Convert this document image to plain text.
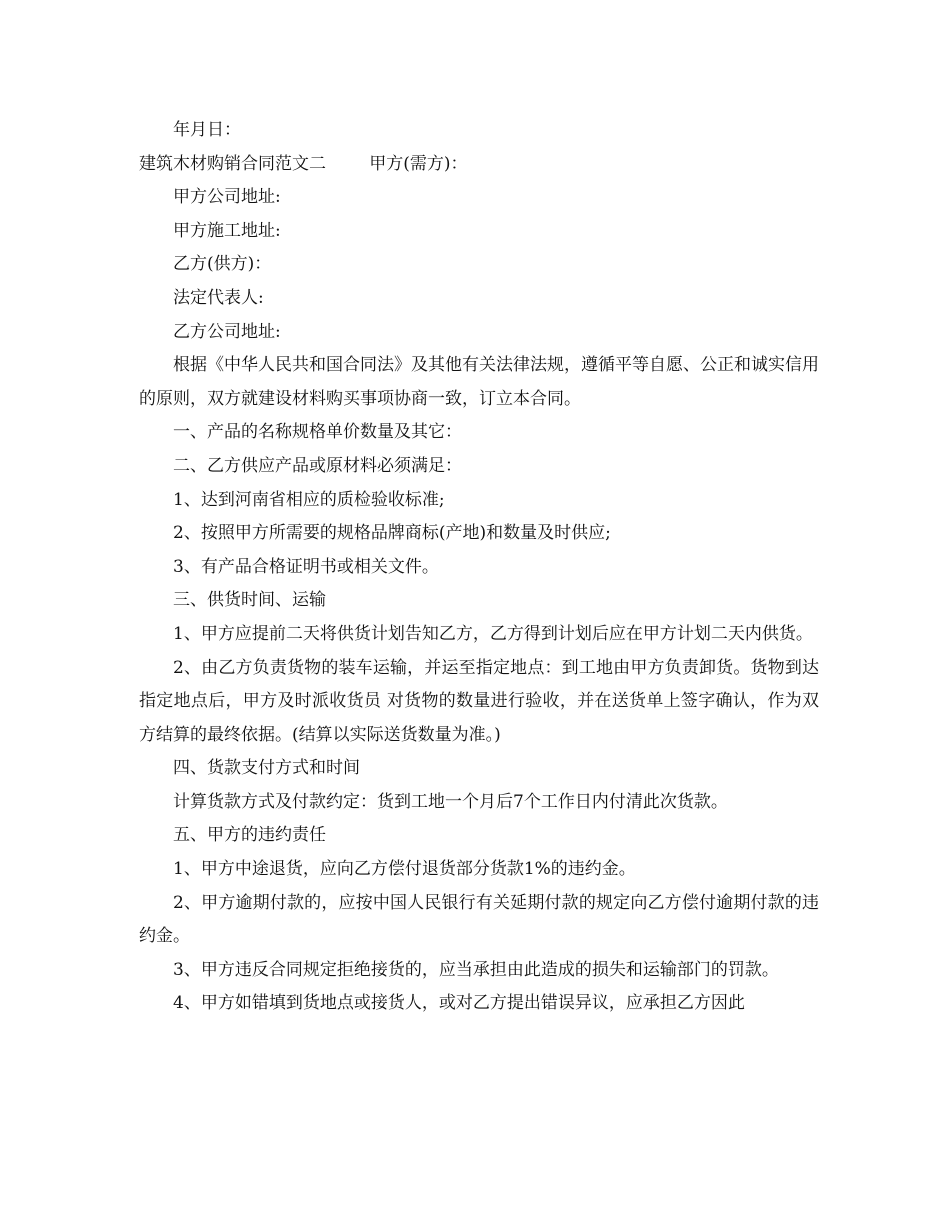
年月日：

建筑木材购销合同范文二        甲方(需方)：

甲方公司地址:

甲方施工地址:

乙方(供方)：

法定代表人:

乙方公司地址:

根据《中华人民共和国合同法》及其他有关法律法规，遵循平等自愿、公正和诚实信用的原则，双方就建设材料购买事项协商一致，订立本合同。

一、产品的名称规格单价数量及其它：

二、乙方供应产品或原材料必须满足：

1、达到河南省相应的质检验收标准;

2、按照甲方所需要的规格品牌商标(产地)和数量及时供应;

3、有产品合格证明书或相关文件。

三、供货时间、运输

1、甲方应提前二天将供货计划告知乙方，乙方得到计划后应在甲方计划二天内供货。

2、由乙方负责货物的装车运输，并运至指定地点：到工地由甲方负责卸货。货物到达指定地点后，甲方及时派收货员 对货物的数量进行验收，并在送货单上签字确认，作为双方结算的最终依据。(结算以实际送货数量为准。)

四、货款支付方式和时间

计算货款方式及付款约定：货到工地一个月后7个工作日内付清此次货款。

五、甲方的违约责任

1、甲方中途退货，应向乙方偿付退货部分货款1%的违约金。

2、甲方逾期付款的，应按中国人民银行有关延期付款的规定向乙方偿付逾期付款的违约金。

3、甲方违反合同规定拒绝接货的，应当承担由此造成的损失和运输部门的罚款。

4、甲方如错填到货地点或接货人，或对乙方提出错误异议，应承担乙方因此
